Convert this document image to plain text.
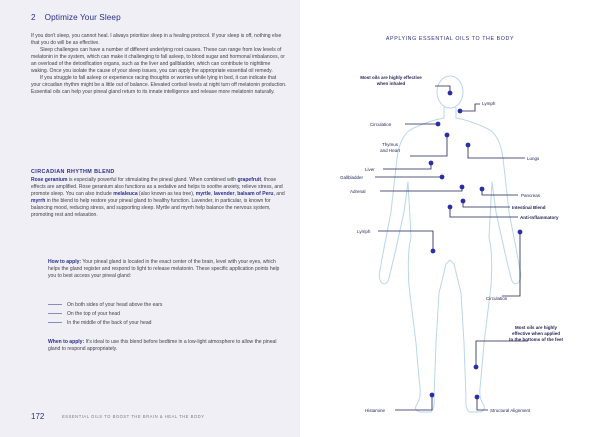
2 Optimize Your Sleep

If you don't sleep, you cannot heal. I always prioritize sleep in a healing protocol. If your sleep is off, nothing else that you do will be as effective.

Sleep challenges can have a number of different underlying root causes. These can range from low levels of melatonin in the system, which can make it challenging to fall asleep, to blood sugar and hormonal imbalances, or an overload of the detoxification organs, such as the liver and gallbladder, which can contribute to nighttime waking. Once you isolate the cause of your sleep issues, you can apply the appropriate essential oil remedy.

If you struggle to fall asleep or experience racing thoughts or worries while lying in bed, it can indicate that your circadian rhythm might be a little out of balance. Elevated cortisol levels at night turn off melatonin production. Essential oils can help your pineal gland return to its innate intelligence and release more melatonin naturally.

CIRCADIAN RHYTHM BLEND
Rose geranium is especially powerful for stimulating the pineal gland. When combined with grapefruit, those effects are amplified. Rose geranium also functions as a sedative and helps to soothe anxiety, relieve stress, and promote sleep. You can also include melaleuca (also known as tea tree), myrtle, lavender, balsam of Peru, and myrrh in the blend to help restore your pineal gland to healthy function. Lavender, in particular, is known for balancing mood, reducing stress, and supporting sleep. Myrtle and myrrh help balance the nervous system, promoting rest and relaxation.
How to apply: Your pineal gland is located in the exact center of the brain, level with your eyes, which helps the gland register and respond to light to release melatonin. These specific application points help you to best access your pineal gland:
On both sides of your head above the ears
On the top of your head
In the middle of the back of your head
When to apply: It's ideal to use this blend before bedtime in a low-light atmosphere to allow the pineal gland to respond appropriately.
172	ESSENTIAL OILS TO BOOST THE BRAIN & HEAL THE BODY
APPLYING ESSENTIAL OILS TO THE BODY
Most oils are highly effective
when inhaled
Lymph
Circulation
Thymus
and Heart
Lungs
Liver
Gallbladder
Adrenal
Pancreas
Intestinal Blend
Anti-Inflammatory
Lymph
Circulation
Most oils are highly
effective when applied
to the bottoms of the feet
Histamine	Structural Alignment
